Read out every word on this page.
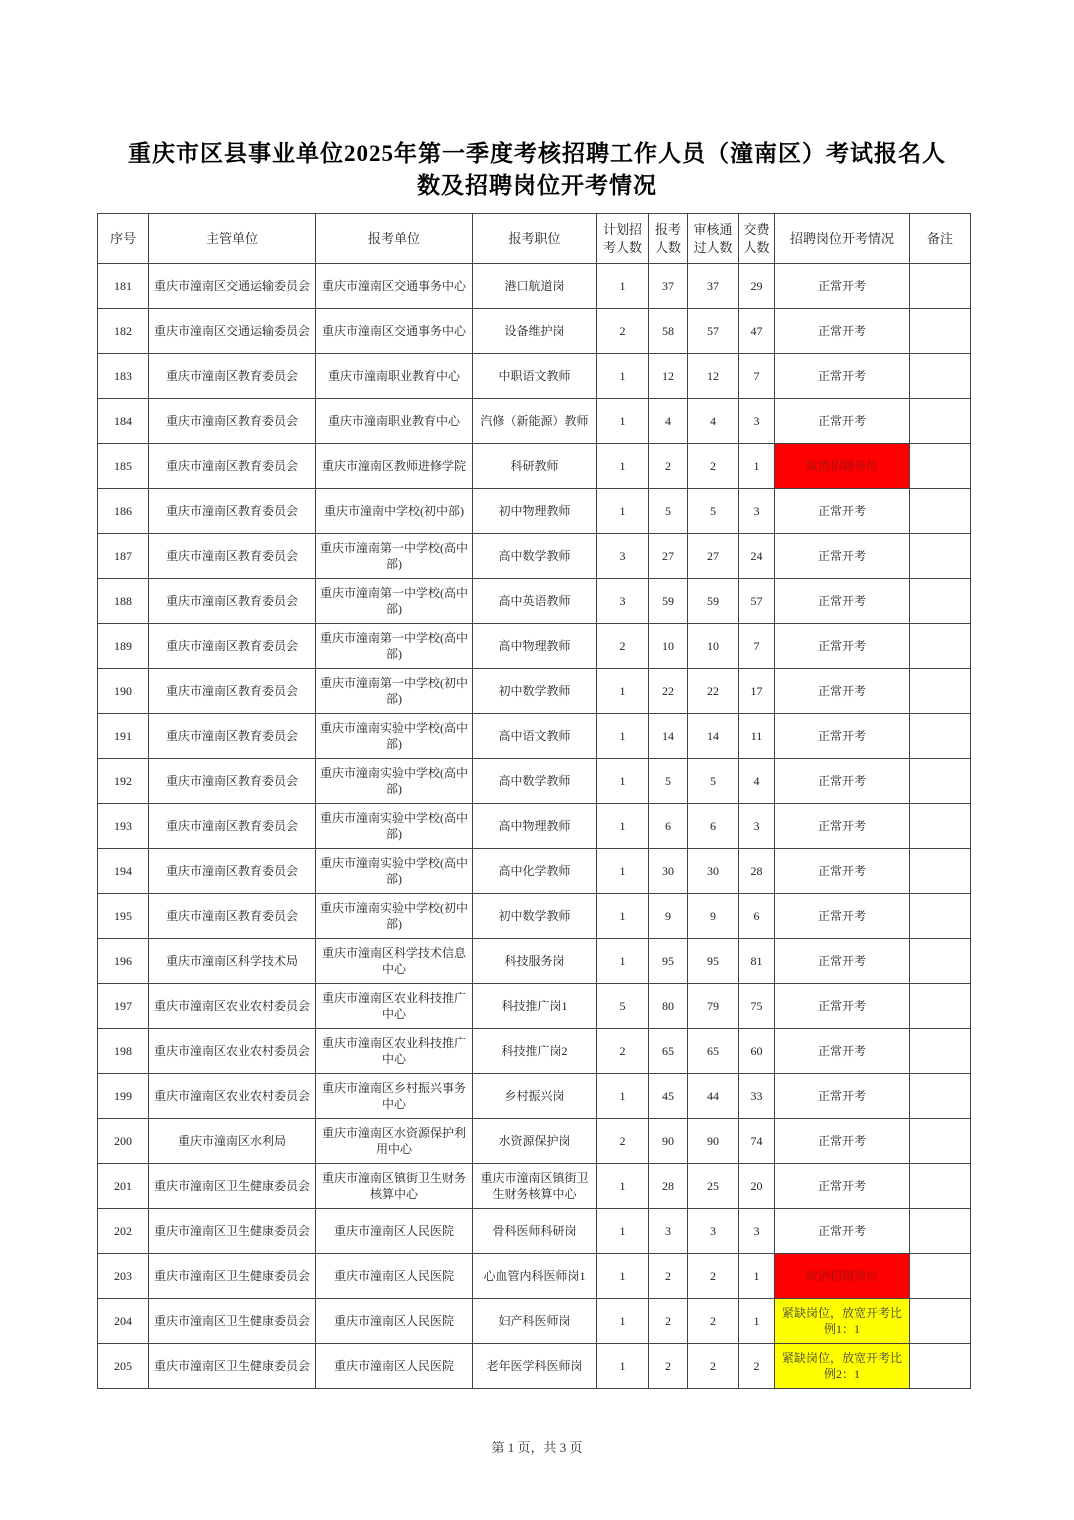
重庆市区县事业单位2025年第一季度考核招聘工作人员（潼南区）考试报名人
数及招聘岗位开考情况
序号	主管单位	报考单位	报考职位	计划招考人数	报考人数	审核通过人数	交费人数	招聘岗位开考情况	备注
181	重庆市潼南区交通运输委员会	重庆市潼南区交通事务中心	港口航道岗	1	37	37	29	正常开考	
182	重庆市潼南区交通运输委员会	重庆市潼南区交通事务中心	设备维护岗	2	58	57	47	正常开考	
183	重庆市潼南区教育委员会	重庆市潼南职业教育中心	中职语文教师	1	12	12	7	正常开考	
184	重庆市潼南区教育委员会	重庆市潼南职业教育中心	汽修（新能源）教师	1	4	4	3	正常开考	
185	重庆市潼南区教育委员会	重庆市潼南区教师进修学院	科研教师	1	2	2	1	取消招聘岗位	
186	重庆市潼南区教育委员会	重庆市潼南中学校(初中部)	初中物理教师	1	5	5	3	正常开考	
187	重庆市潼南区教育委员会	重庆市潼南第一中学校(高中部)	高中数学教师	3	27	27	24	正常开考	
188	重庆市潼南区教育委员会	重庆市潼南第一中学校(高中部)	高中英语教师	3	59	59	57	正常开考	
189	重庆市潼南区教育委员会	重庆市潼南第一中学校(高中部)	高中物理教师	2	10	10	7	正常开考	
190	重庆市潼南区教育委员会	重庆市潼南第一中学校(初中部)	初中数学教师	1	22	22	17	正常开考	
191	重庆市潼南区教育委员会	重庆市潼南实验中学校(高中部)	高中语文教师	1	14	14	11	正常开考	
192	重庆市潼南区教育委员会	重庆市潼南实验中学校(高中部)	高中数学教师	1	5	5	4	正常开考	
193	重庆市潼南区教育委员会	重庆市潼南实验中学校(高中部)	高中物理教师	1	6	6	3	正常开考	
194	重庆市潼南区教育委员会	重庆市潼南实验中学校(高中部)	高中化学教师	1	30	30	28	正常开考	
195	重庆市潼南区教育委员会	重庆市潼南实验中学校(初中部)	初中数学教师	1	9	9	6	正常开考	
196	重庆市潼南区科学技术局	重庆市潼南区科学技术信息中心	科技服务岗	1	95	95	81	正常开考	
197	重庆市潼南区农业农村委员会	重庆市潼南区农业科技推广中心	科技推广岗1	5	80	79	75	正常开考	
198	重庆市潼南区农业农村委员会	重庆市潼南区农业科技推广中心	科技推广岗2	2	65	65	60	正常开考	
199	重庆市潼南区农业农村委员会	重庆市潼南区乡村振兴事务中心	乡村振兴岗	1	45	44	33	正常开考	
200	重庆市潼南区水利局	重庆市潼南区水资源保护利用中心	水资源保护岗	2	90	90	74	正常开考	
201	重庆市潼南区卫生健康委员会	重庆市潼南区镇街卫生财务核算中心	重庆市潼南区镇街卫生财务核算中心	1	28	25	20	正常开考	
202	重庆市潼南区卫生健康委员会	重庆市潼南区人民医院	骨科医师科研岗	1	3	3	3	正常开考	
203	重庆市潼南区卫生健康委员会	重庆市潼南区人民医院	心血管内科医师岗1	1	2	2	1	取消招聘岗位	
204	重庆市潼南区卫生健康委员会	重庆市潼南区人民医院	妇产科医师岗	1	2	2	1	紧缺岗位，放宽开考比例1：1	
205	重庆市潼南区卫生健康委员会	重庆市潼南区人民医院	老年医学科医师岗	1	2	2	2	紧缺岗位，放宽开考比例2：1	
第 1 页，共 3 页
